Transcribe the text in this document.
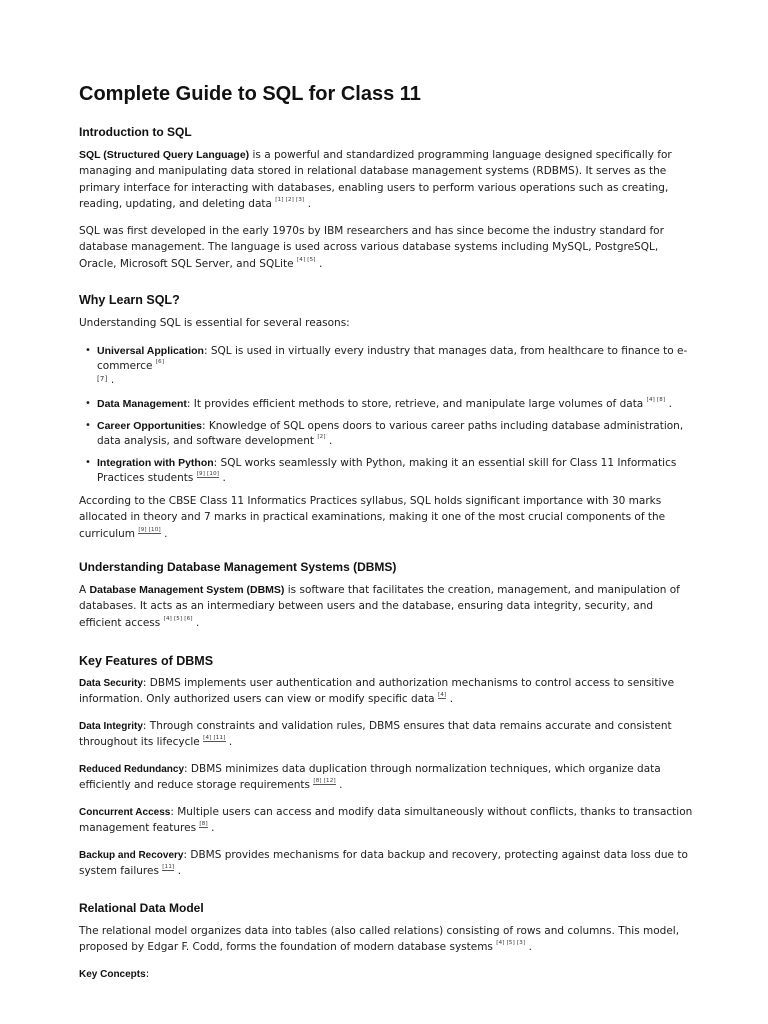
Complete Guide to SQL for Class 11
Introduction to SQL

SQL (Structured Query Language) is a powerful and standardized programming language designed specifically for managing and manipulating data stored in relational database management systems (RDBMS). It serves as the primary interface for interacting with databases, enabling users to perform various operations such as creating, reading, updating, and deleting data [1] [2] [3] .

SQL was first developed in the early 1970s by IBM researchers and has since become the industry standard for database management. The language is used across various database systems including MySQL, PostgreSQL, Oracle, Microsoft SQL Server, and SQLite [4] [5] .

Why Learn SQL?

Understanding SQL is essential for several reasons:

• Universal Application: SQL is used in virtually every industry that manages data, from healthcare to finance to e-commerce [6]
[7] .
• Data Management: It provides efficient methods to store, retrieve, and manipulate large volumes of data [4] [8] .
• Career Opportunities: Knowledge of SQL opens doors to various career paths including database administration, data analysis, and software development [2] .
• Integration with Python: SQL works seamlessly with Python, making it an essential skill for Class 11 Informatics Practices students [9] [10] .

According to the CBSE Class 11 Informatics Practices syllabus, SQL holds significant importance with 30 marks allocated in theory and 7 marks in practical examinations, making it one of the most crucial components of the curriculum [9] [10] .

Understanding Database Management Systems (DBMS)

A Database Management System (DBMS) is software that facilitates the creation, management, and manipulation of databases. It acts as an intermediary between users and the database, ensuring data integrity, security, and efficient access [4] [5] [6] .

Key Features of DBMS

Data Security: DBMS implements user authentication and authorization mechanisms to control access to sensitive information. Only authorized users can view or modify specific data [4] .

Data Integrity: Through constraints and validation rules, DBMS ensures that data remains accurate and consistent throughout its lifecycle [4] [11] .

Reduced Redundancy: DBMS minimizes data duplication through normalization techniques, which organize data efficiently and reduce storage requirements [8] [12] .

Concurrent Access: Multiple users can access and modify data simultaneously without conflicts, thanks to transaction management features [8] .

Backup and Recovery: DBMS provides mechanisms for data backup and recovery, protecting against data loss due to system failures [11] .

Relational Data Model

The relational model organizes data into tables (also called relations) consisting of rows and columns. This model, proposed by Edgar F. Codd, forms the foundation of modern database systems [4] [5] [3] .

Key Concepts:
